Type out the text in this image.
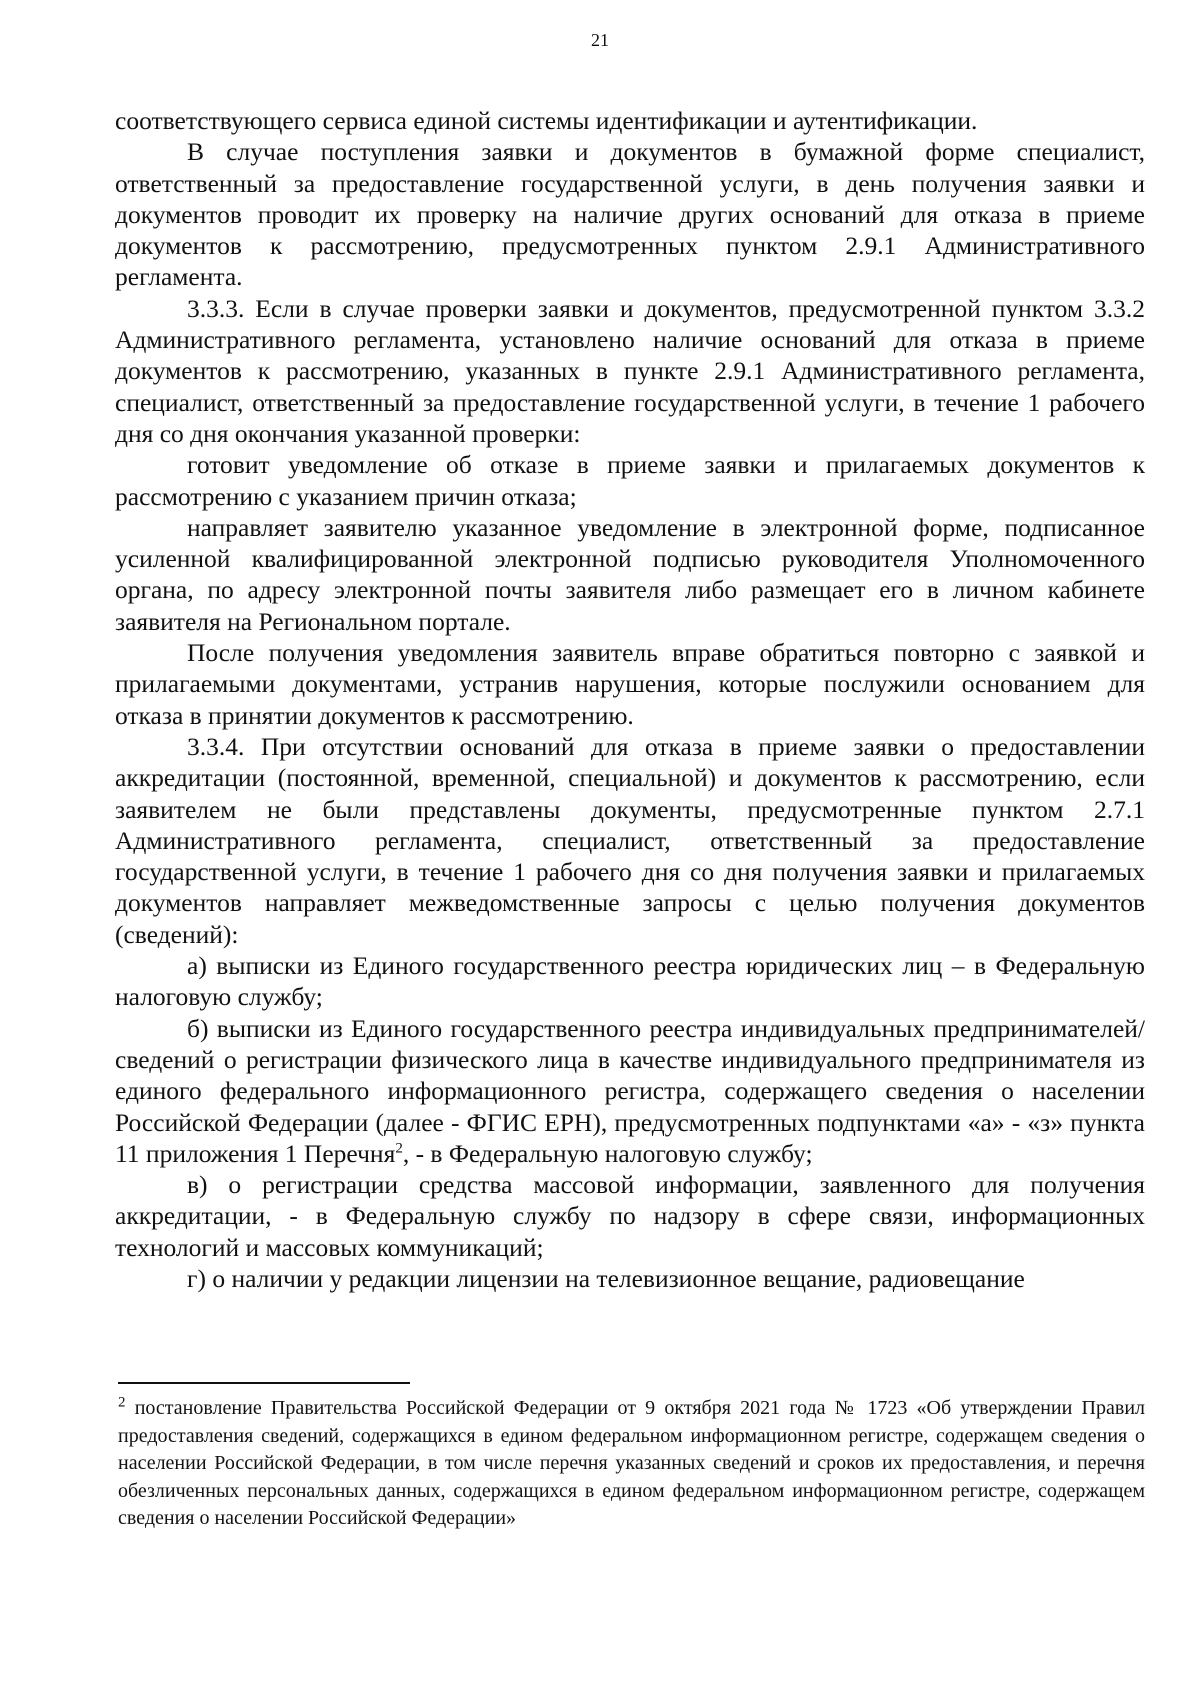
21

соответствующего сервиса единой системы идентификации и аутентификации.

В случае поступления заявки и документов в бумажной форме специалист, ответственный за предоставление государственной услуги, в день получения заявки и документов проводит их проверку на наличие других оснований для отказа в приеме документов к рассмотрению, предусмотренных пунктом 2.9.1 Административного регламента.

3.3.3. Если в случае проверки заявки и документов, предусмотренной пунктом 3.3.2 Административного регламента, установлено наличие оснований для отказа в приеме документов к рассмотрению, указанных в пункте 2.9.1 Административного регламента, специалист, ответственный за предоставление государственной услуги, в течение 1 рабочего дня со дня окончания указанной проверки:

готовит уведомление об отказе в приеме заявки и прилагаемых документов к рассмотрению с указанием причин отказа;

направляет заявителю указанное уведомление в электронной форме, подписанное усиленной квалифицированной электронной подписью руководителя Уполномоченного органа, по адресу электронной почты заявителя либо размещает его в личном кабинете заявителя на Региональном портале.

После получения уведомления заявитель вправе обратиться повторно с заявкой и прилагаемыми документами, устранив нарушения, которые послужили основанием для отказа в принятии документов к рассмотрению.

3.3.4. При отсутствии оснований для отказа в приеме заявки о предоставлении аккредитации (постоянной, временной, специальной) и документов к рассмотрению, если заявителем не были представлены документы, предусмотренные пунктом 2.7.1 Административного регламента, специалист, ответственный за предоставление государственной услуги, в течение 1 рабочего дня со дня получения заявки и прилагаемых документов направляет межведомственные запросы с целью получения документов (сведений):

а) выписки из Единого государственного реестра юридических лиц – в Федеральную налоговую службу;

б) выписки из Единого государственного реестра индивидуальных предпринимателей/сведений о регистрации физического лица в качестве индивидуального предпринимателя из единого федерального информационного регистра, содержащего сведения о населении Российской Федерации (далее - ФГИС ЕРН), предусмотренных подпунктами «а» - «з» пункта 11 приложения 1 Перечня$^2$, - в Федеральную налоговую службу;

в) о регистрации средства массовой информации, заявленного для получения аккредитации, - в Федеральную службу по надзору в сфере связи, информационных технологий и массовых коммуникаций;

г) о наличии у редакции лицензии на телевизионное вещание, радиовещание

$^2$ постановление Правительства Российской Федерации от 9 октября 2021 года № 1723 «Об утверждении Правил предоставления сведений, содержащихся в едином федеральном информационном регистре, содержащем сведения о населении Российской Федерации, в том числе перечня указанных сведений и сроков их предоставления, и перечня обезличенных персональных данных, содержащихся в едином федеральном информационном регистре, содержащем сведения о населении Российской Федерации»
